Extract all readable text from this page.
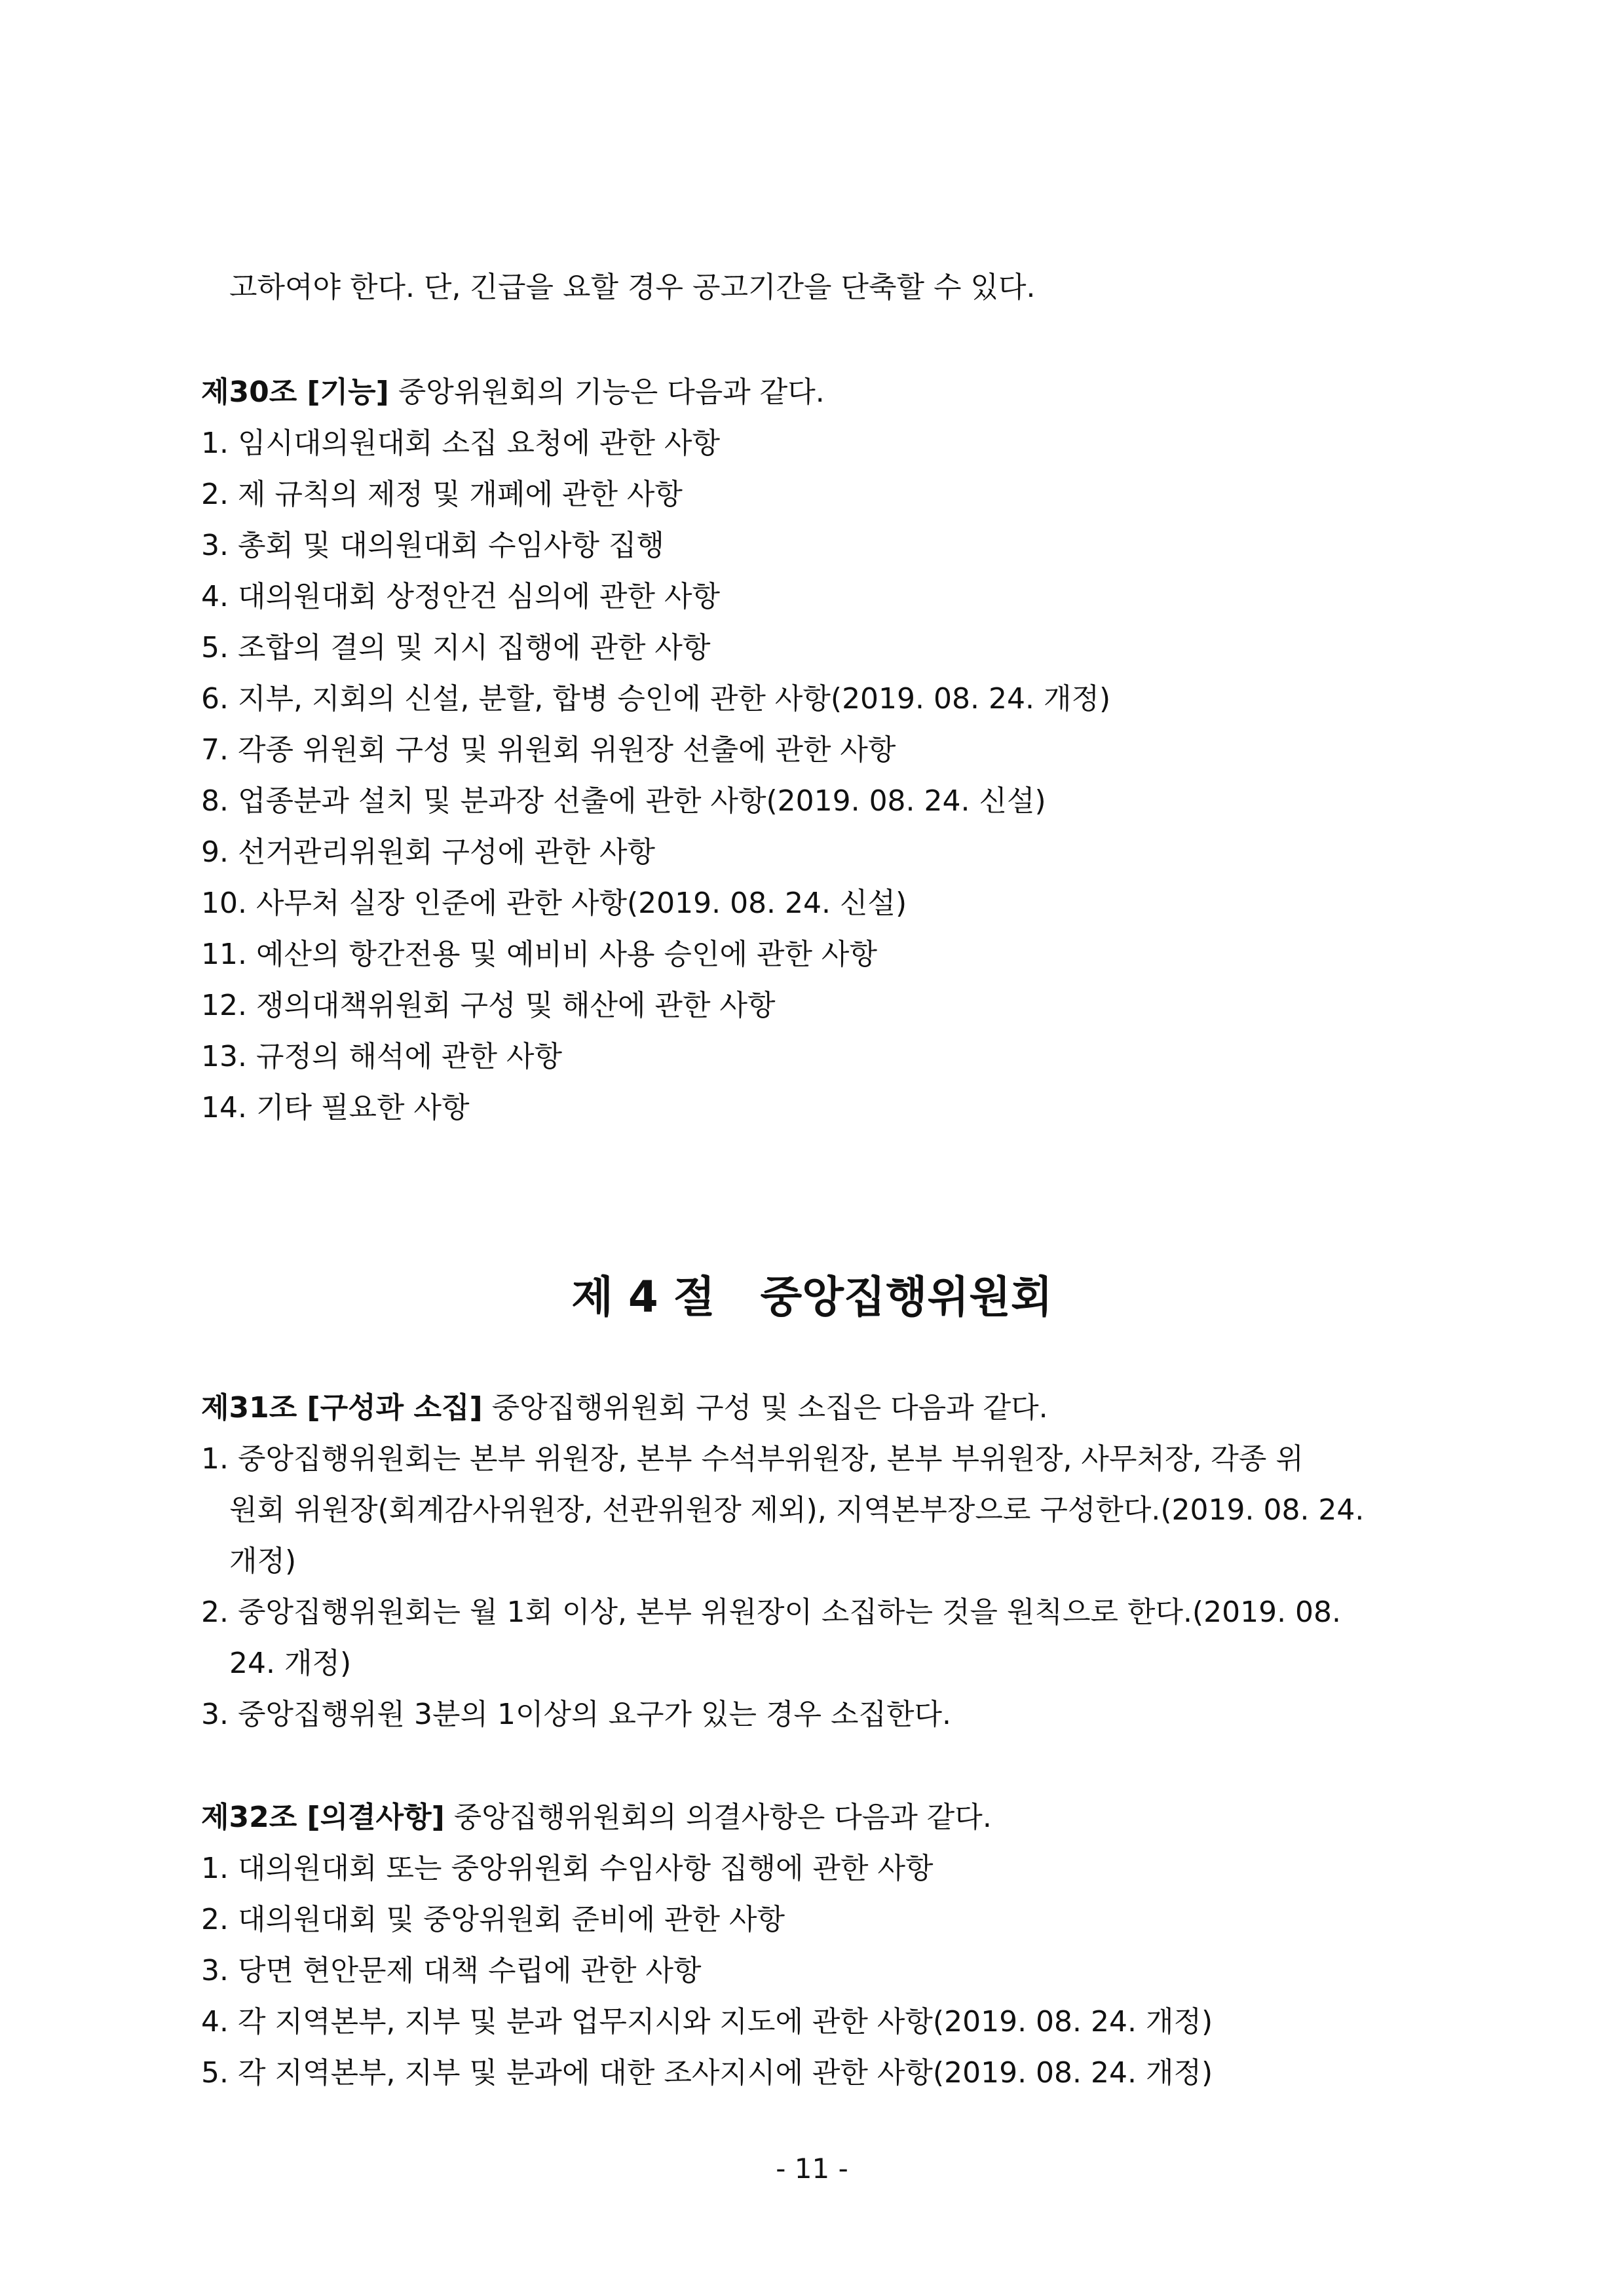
고하여야 한다. 단, 긴급을 요할 경우 공고기간을 단축할 수 있다.
제30조 [기능] 중앙위원회의 기능은 다음과 같다.
1. 임시대의원대회 소집 요청에 관한 사항
2. 제 규칙의 제정 및 개폐에 관한 사항
3. 총회 및 대의원대회 수임사항 집행
4. 대의원대회 상정안건 심의에 관한 사항
5. 조합의 결의 및 지시 집행에 관한 사항
6. 지부, 지회의 신설, 분할, 합병 승인에 관한 사항(2019. 08. 24. 개정)
7. 각종 위원회 구성 및 위원회 위원장 선출에 관한 사항
8. 업종분과 설치 및 분과장 선출에 관한 사항(2019. 08. 24. 신설)
9. 선거관리위원회 구성에 관한 사항
10. 사무처 실장 인준에 관한 사항(2019. 08. 24. 신설)
11. 예산의 항간전용 및 예비비 사용 승인에 관한 사항
12. 쟁의대책위원회 구성 및 해산에 관한 사항
13. 규정의 해석에 관한 사항
14. 기타 필요한 사항
제 4 절   중앙집행위원회
제31조 [구성과 소집] 중앙집행위원회 구성 및 소집은 다음과 같다.
1. 중앙집행위원회는 본부 위원장, 본부 수석부위원장, 본부 부위원장, 사무처장, 각종 위
원회 위원장(회계감사위원장, 선관위원장 제외), 지역본부장으로 구성한다.(2019. 08. 24.
개정)
2. 중앙집행위원회는 월 1회 이상, 본부 위원장이 소집하는 것을 원칙으로 한다.(2019. 08.
24. 개정)
3. 중앙집행위원 3분의 1이상의 요구가 있는 경우 소집한다.
제32조 [의결사항] 중앙집행위원회의 의결사항은 다음과 같다.
1. 대의원대회 또는 중앙위원회 수임사항 집행에 관한 사항
2. 대의원대회 및 중앙위원회 준비에 관한 사항
3. 당면 현안문제 대책 수립에 관한 사항
4. 각 지역본부, 지부 및 분과 업무지시와 지도에 관한 사항(2019. 08. 24. 개정)
5. 각 지역본부, 지부 및 분과에 대한 조사지시에 관한 사항(2019. 08. 24. 개정)
- 11 -
